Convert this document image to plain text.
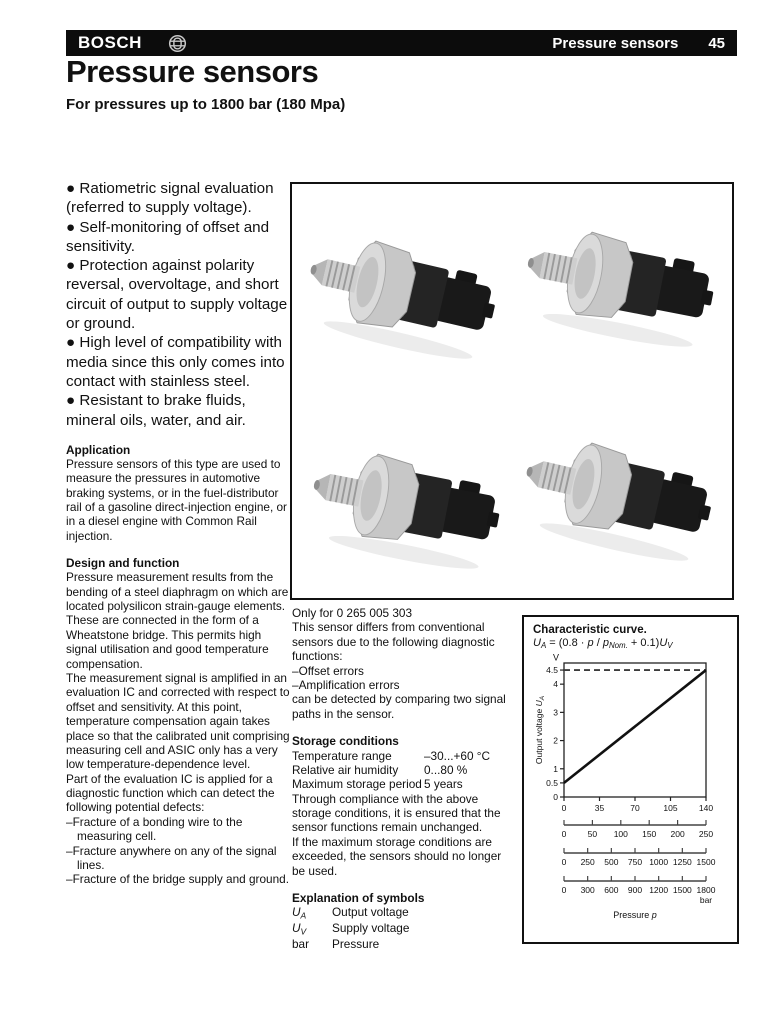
BOSCH	Pressure sensors 45
Pressure sensors
For pressures up to 1800 bar (180 Mpa)

● Ratiometric signal evaluation (referred to supply voltage).

● Self-monitoring of offset and sensitivity.

● Protection against polarity reversal, overvoltage, and short circuit of output to supply voltage or ground.

● High level of compatibility with media since this only comes into contact with stainless steel.

● Resistant to brake fluids, mineral oils, water, and air.

Application

Pressure sensors of this type are used to measure the pressures in automotive braking systems, or in the fuel-distributor rail of a gasoline direct-injection engine, or in a diesel engine with Common Rail injection.

Design and function

Pressure measurement results from the bending of a steel diaphragm on which are located polysilicon strain-gauge elements. These are connected in the form of a Wheatstone bridge. This permits high signal utilisation and good temperature compensation.

The measurement signal is amplified in an evaluation IC and corrected with respect to offset and sensitivity. At this point, temperature compensation again takes place so that the calibrated unit comprising measuring cell and ASIC only has a very low temperature-dependence level.

Part of the evaluation IC is applied for a diagnostic function which can detect the following potential defects:

– Fracture of a bonding wire to the measuring cell.

– Fracture anywhere on any of the signal lines.

– Fracture of the bridge supply and ground.

Only for 0 265 005 303

This sensor differs from conventional sensors due to the following diagnostic functions:

– Offset errors

– Amplification errors

can be detected by comparing two signal paths in the sensor.

Storage conditions

Temperature range	–30...+60 °C
Relative air humidity	0...80 %
Maximum storage period 5 years

Through compliance with the above storage conditions, it is ensured that the sensor functions remain unchanged.

If the maximum storage conditions are exceeded, the sensors should no longer be used.

Explanation of symbols

$U_A$	Output voltage
$U_V$	Supply voltage
bar	Pressure
Characteristic curve.
$U_A = (0.8 \cdot p / p_{Nom.} + 0.1)U_V$
V
0
0.5
1
2
3
4
4.5
0	35	70	105	140
0	50 100 150 200 250
0 250 500 750 1000 1250 1500
0 300 600 900 1200 1500 1800
bar
Output voltage $U_A$
Pressure p
